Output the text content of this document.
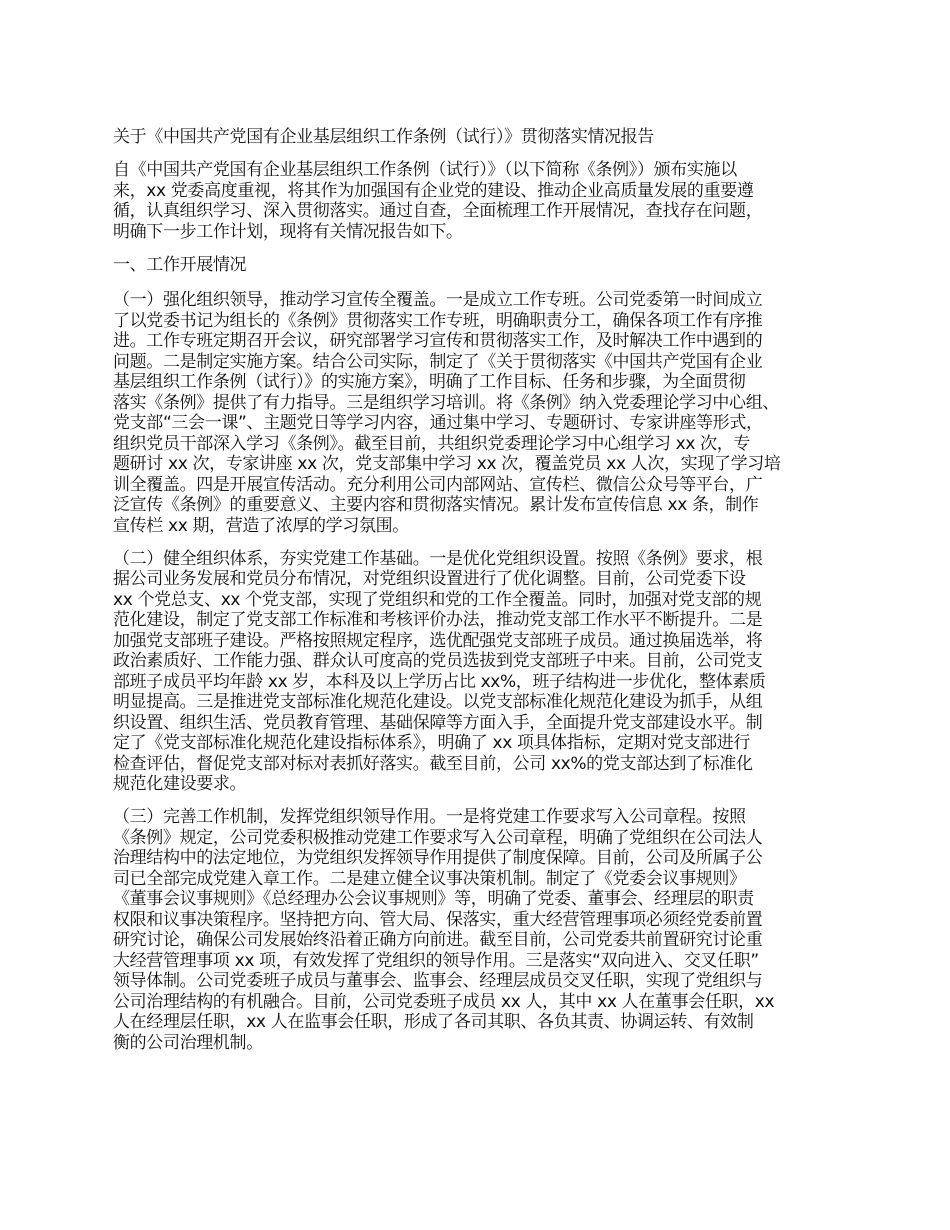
关于《中国共产党国有企业基层组织工作条例（试行）》贯彻落实情况报告
自《中国共产党国有企业基层组织工作条例（试行）》（以下简称《条例》）颁布实施以
来，xx 党委高度重视，将其作为加强国有企业党的建设、推动企业高质量发展的重要遵
循，认真组织学习、深入贯彻落实。通过自查，全面梳理工作开展情况，查找存在问题，
明确下一步工作计划，现将有关情况报告如下。
一、工作开展情况
（一）强化组织领导，推动学习宣传全覆盖。一是成立工作专班。公司党委第一时间成立
了以党委书记为组长的《条例》贯彻落实工作专班，明确职责分工，确保各项工作有序推
进。工作专班定期召开会议，研究部署学习宣传和贯彻落实工作，及时解决工作中遇到的
问题。二是制定实施方案。结合公司实际，制定了《关于贯彻落实《中国共产党国有企业
基层组织工作条例（试行）》的实施方案》，明确了工作目标、任务和步骤，为全面贯彻
落实《条例》提供了有力指导。三是组织学习培训。将《条例》纳入党委理论学习中心组、
党支部“三会一课”、主题党日等学习内容，通过集中学习、专题研讨、专家讲座等形式，
组织党员干部深入学习《条例》。截至目前，共组织党委理论学习中心组学习 xx 次，专
题研讨 xx 次，专家讲座 xx 次，党支部集中学习 xx 次，覆盖党员 xx 人次，实现了学习培
训全覆盖。四是开展宣传活动。充分利用公司内部网站、宣传栏、微信公众号等平台，广
泛宣传《条例》的重要意义、主要内容和贯彻落实情况。累计发布宣传信息 xx 条，制作
宣传栏 xx 期，营造了浓厚的学习氛围。
（二）健全组织体系，夯实党建工作基础。一是优化党组织设置。按照《条例》要求，根
据公司业务发展和党员分布情况，对党组织设置进行了优化调整。目前，公司党委下设
xx 个党总支、xx 个党支部，实现了党组织和党的工作全覆盖。同时，加强对党支部的规
范化建设，制定了党支部工作标准和考核评价办法，推动党支部工作水平不断提升。二是
加强党支部班子建设。严格按照规定程序，选优配强党支部班子成员。通过换届选举，将
政治素质好、工作能力强、群众认可度高的党员选拔到党支部班子中来。目前，公司党支
部班子成员平均年龄 xx 岁，本科及以上学历占比 xx%，班子结构进一步优化，整体素质
明显提高。三是推进党支部标准化规范化建设。以党支部标准化规范化建设为抓手，从组
织设置、组织生活、党员教育管理、基础保障等方面入手，全面提升党支部建设水平。制
定了《党支部标准化规范化建设指标体系》，明确了 xx 项具体指标，定期对党支部进行
检查评估，督促党支部对标对表抓好落实。截至目前，公司 xx%的党支部达到了标准化
规范化建设要求。
（三）完善工作机制，发挥党组织领导作用。一是将党建工作要求写入公司章程。按照
《条例》规定，公司党委积极推动党建工作要求写入公司章程，明确了党组织在公司法人
治理结构中的法定地位，为党组织发挥领导作用提供了制度保障。目前，公司及所属子公
司已全部完成党建入章工作。二是建立健全议事决策机制。制定了《党委会议事规则》
《董事会议事规则》《总经理办公会议事规则》等，明确了党委、董事会、经理层的职责
权限和议事决策程序。坚持把方向、管大局、保落实，重大经营管理事项必须经党委前置
研究讨论，确保公司发展始终沿着正确方向前进。截至目前，公司党委共前置研究讨论重
大经营管理事项 xx 项，有效发挥了党组织的领导作用。三是落实“双向进入、交叉任职”
领导体制。公司党委班子成员与董事会、监事会、经理层成员交叉任职，实现了党组织与
公司治理结构的有机融合。目前，公司党委班子成员 xx 人，其中 xx 人在董事会任职，xx
人在经理层任职，xx 人在监事会任职，形成了各司其职、各负其责、协调运转、有效制
衡的公司治理机制。
